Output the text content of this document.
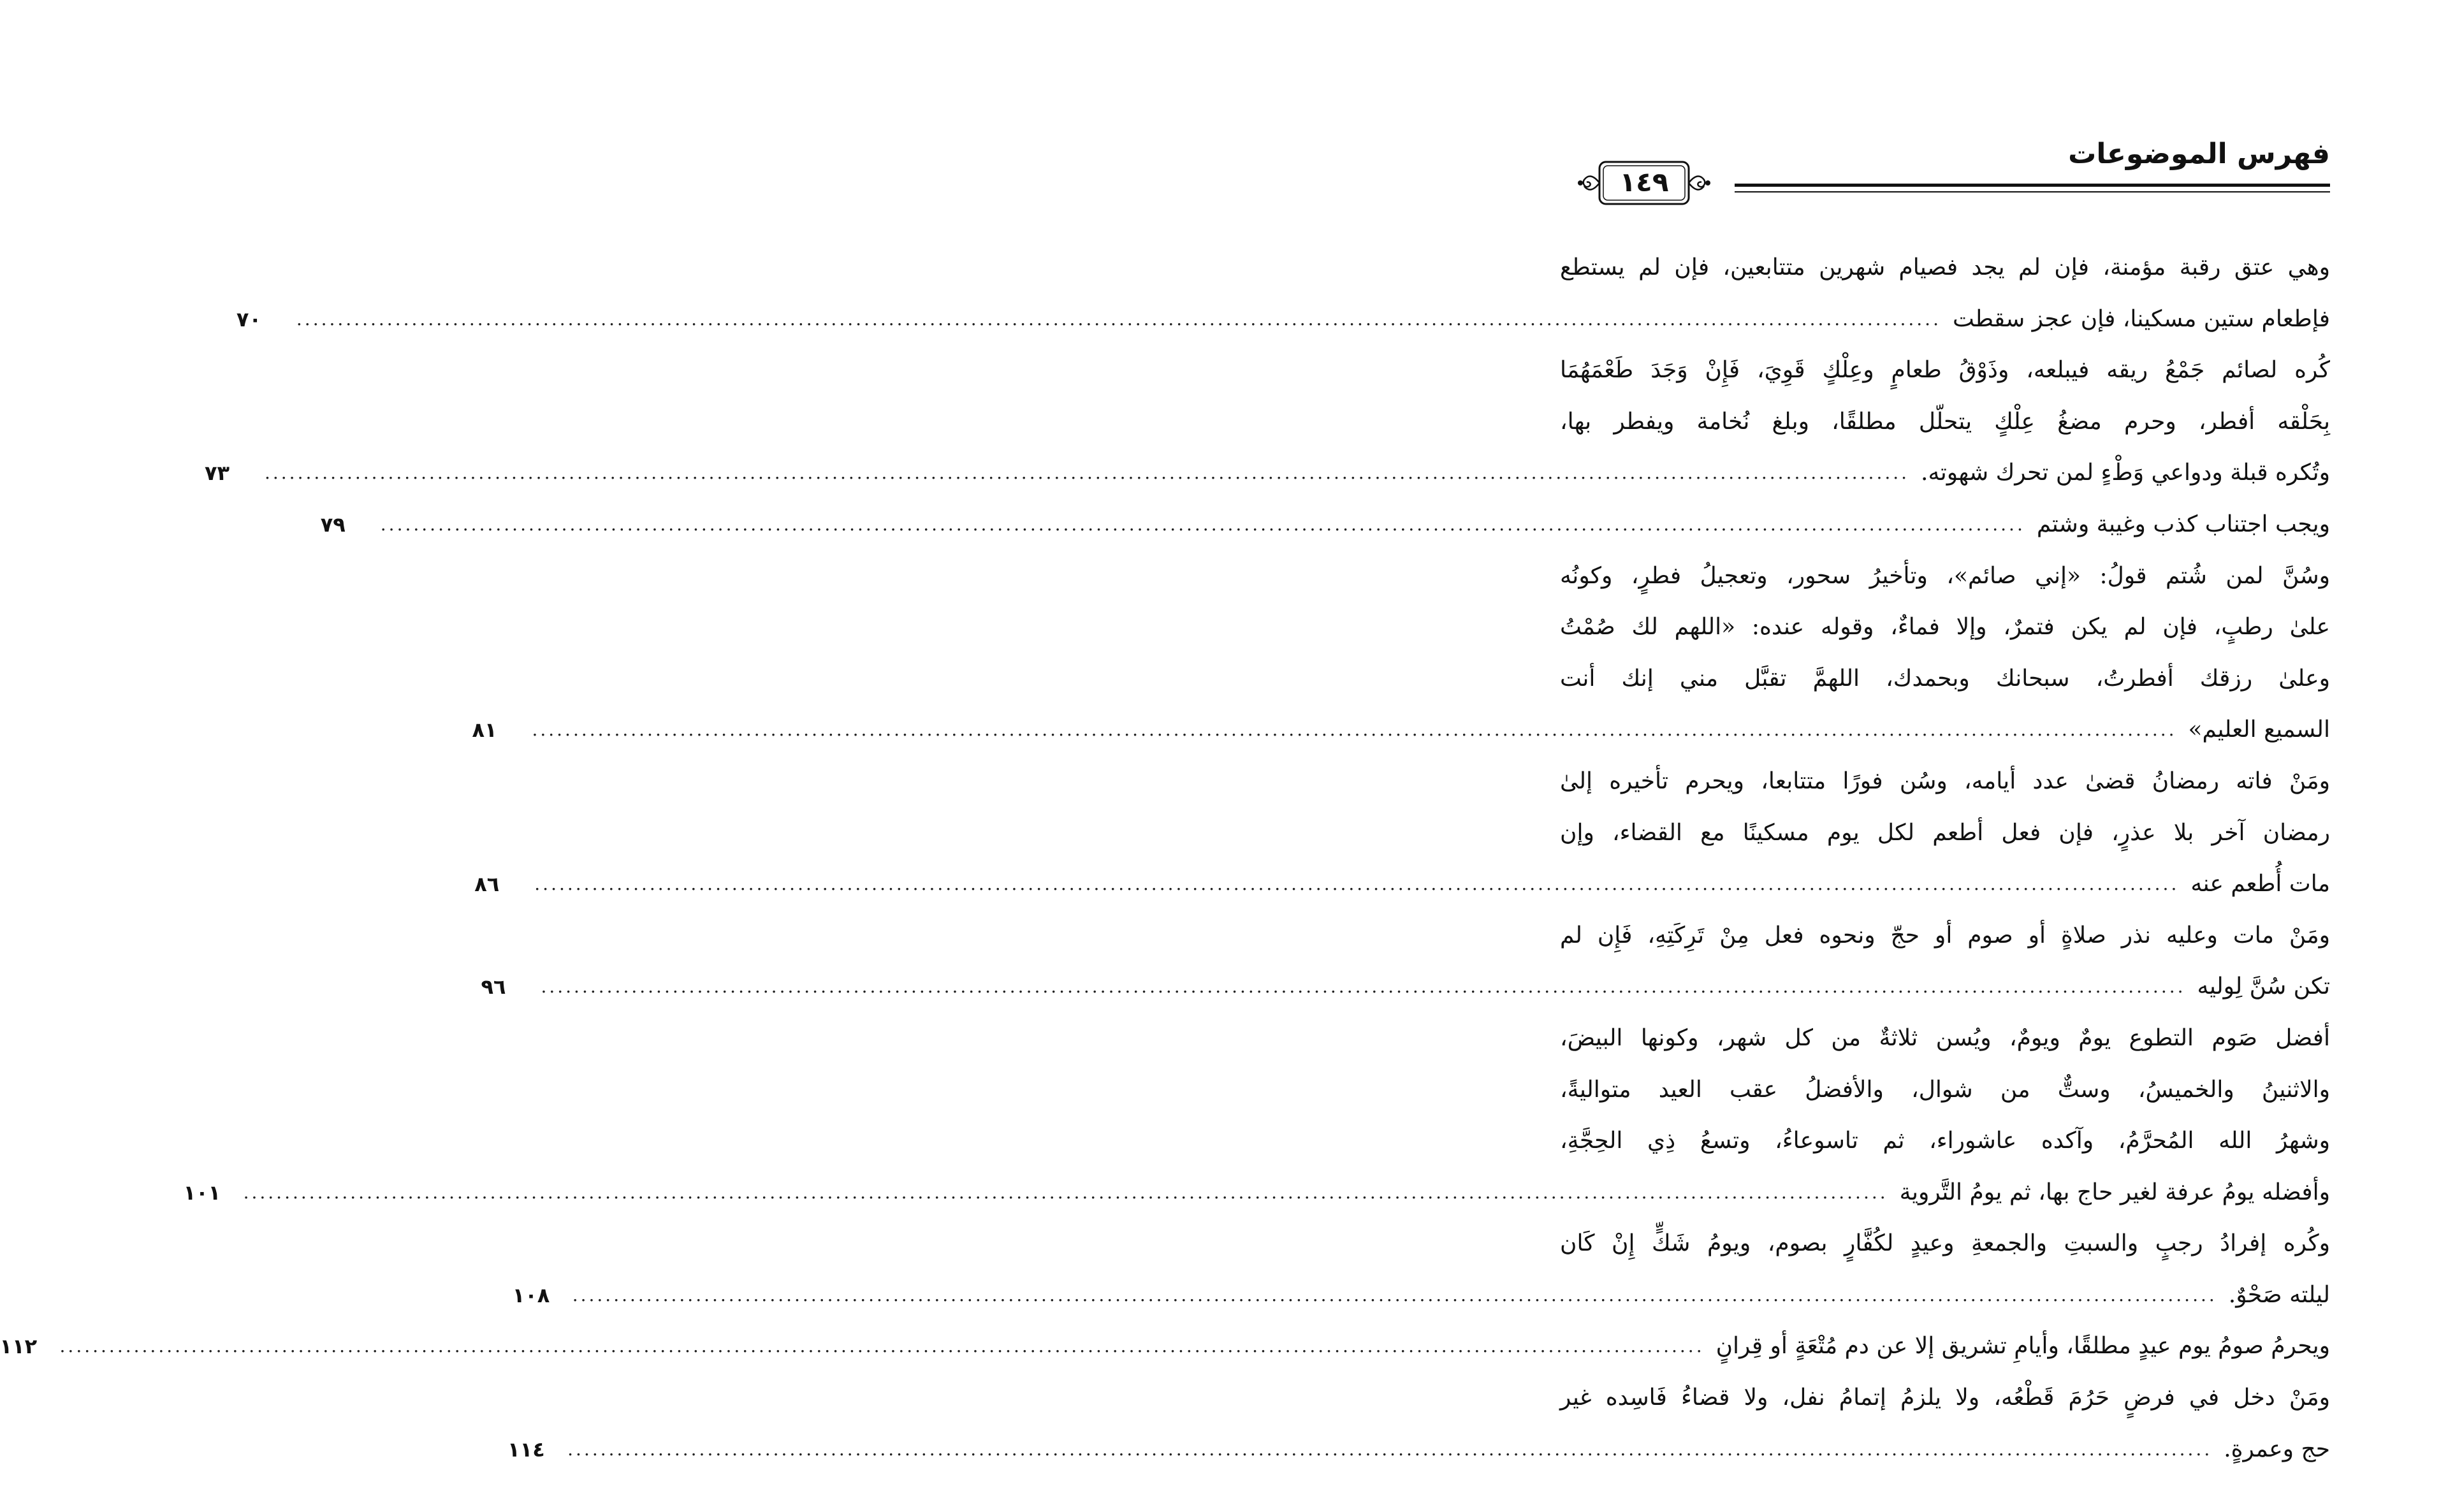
فهرس الموضوعات
١٤٩
وهي عتق رقبة مؤمنة، فإن لم يجد فصيام شهرين متتابعين، فإن لم يستطع
فإطعام ستين مسكينا، فإن عجز سقطت
........................................................................................................................................................................................................
٧٠
كُره لصائم جَمْعُ ريقه فيبلعه، وذَوْقُ طعامٍ وعِلْكٍ قَوِيَ، فَإِنْ وَجَدَ طَعْمَهُمَا
بِحَلْقه أفطر، وحرم مضغُ عِلْكٍ يتحلّل مطلقًا، وبلغ نُخامة ويفطر بها،
وتُكره قبلة ودواعي وَطْءٍ لمن تحرك شهوته.
........................................................................................................................................................................................................
٧٣
ويجب اجتناب كذب وغيبة وشتم
........................................................................................................................................................................................................
٧٩
وسُنَّ لمن شُتم قولُ: «إني صائم»، وتأخيرُ سحور، وتعجيلُ فطرٍ، وكونُه
علىٰ رطبٍ، فإن لم يكن فتمرٌ، وإلا فماءٌ، وقوله عنده: «اللهم لك صُمْتُ
وعلىٰ رزقك أفطرتُ، سبحانك وبحمدك، اللهمَّ تقبَّل مني إنك أنت
السميع العليم»
........................................................................................................................................................................................................
٨١
ومَنْ فاته رمضانُ قضىٰ عدد أيامه، وسُن فورًا متتابعا، ويحرم تأخيره إلىٰ
رمضان آخر بلا عذرٍ، فإن فعل أطعم لكل يوم مسكينًا مع القضاء، وإن
مات أُطعم عنه
........................................................................................................................................................................................................
٨٦
ومَنْ مات وعليه نذر صلاةٍ أو صوم أو حجّ ونحوه فعل مِنْ تَرِكَتِهِ، فَإِن لم
تكن سُنَّ لِوليه
........................................................................................................................................................................................................
٩٦
أفضل صَوم التطوع يومٌ ويومٌ، ويُسن ثلاثةٌ من كل شهر، وكونها البيضَ،
والاثنينُ والخميسُ، وستٌّ من شوال، والأفضلُ عقب العيد متواليةً،
وشهرُ الله المُحرَّمُ، وآكده عاشوراء، ثم تاسوعاءُ، وتسعُ ذِي الحِجَّةِ،
وأفضله يومُ عرفة لغير حاج بها، ثم يومُ التَّروية
........................................................................................................................................................................................................
١٠١
وكُره إفرادُ رجبٍ والسبتِ والجمعةِ وعيدٍ لكُفَّارٍ بصوم، ويومُ شَكٍّ إِنْ كَان
ليلته صَحْوٌ.
........................................................................................................................................................................................................
١٠٨
ويحرمُ صومُ يوم عيدٍ مطلقًا، وأيامِ تشريق إلا عن دم مُتْعَةٍ أو قِرانٍ
........................................................................................................................................................................................................
١١٢
ومَنْ دخل في فرضٍ حَرُمَ قَطْعُه، ولا يلزمُ إتمامُ نفل، ولا قضاءُ فَاسِده غير
حج وعمرةٍ.
........................................................................................................................................................................................................
١١٤
